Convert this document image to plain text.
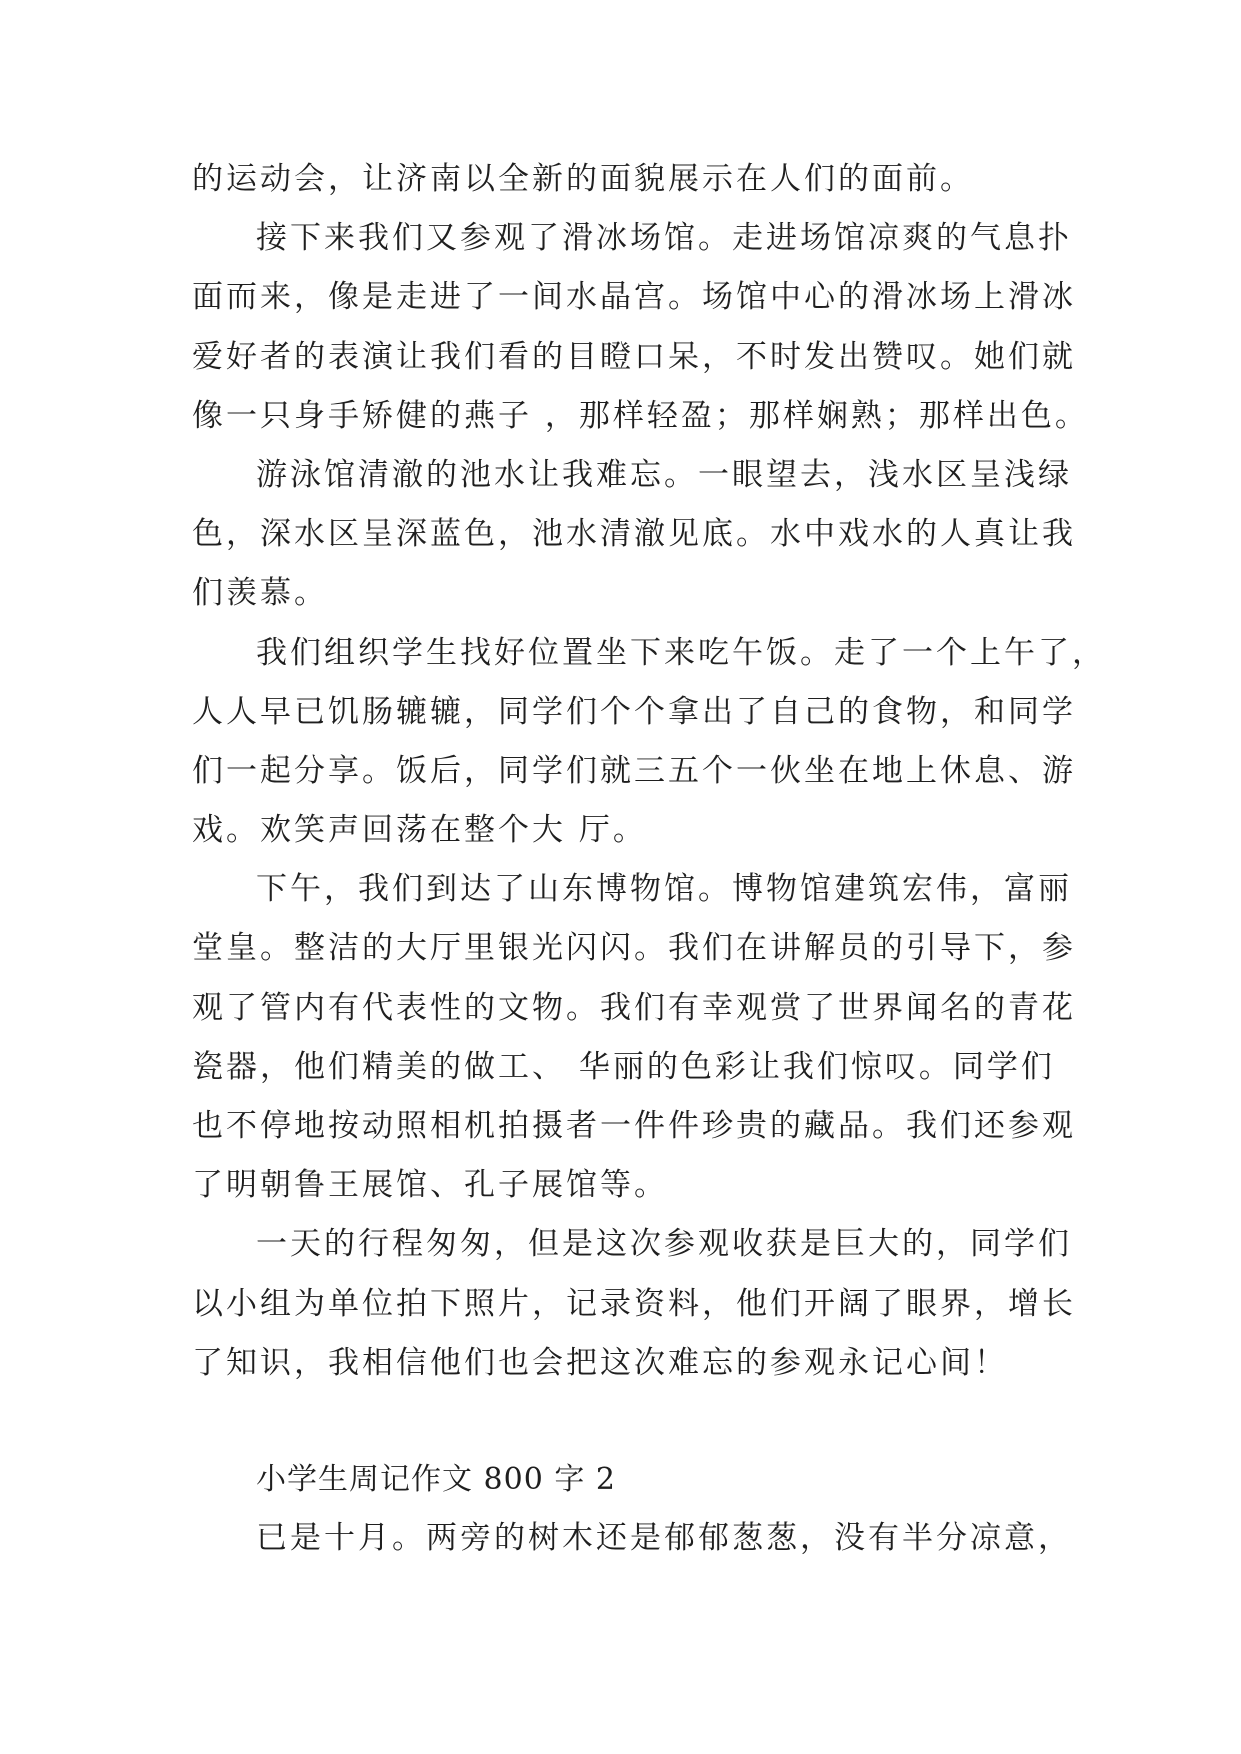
的运动会，让济南以全新的面貌展示在人们的面前。
接下来我们又参观了滑冰场馆。走进场馆凉爽的气息扑
面而来，像是走进了一间水晶宫。场馆中心的滑冰场上滑冰
爱好者的表演让我们看的目瞪口呆，不时发出赞叹。她们就
像一只身手矫健的燕子 ，那样轻盈；那样娴熟；那样出色。
游泳馆清澈的池水让我难忘。一眼望去，浅水区呈浅绿
色，深水区呈深蓝色，池水清澈见底。水中戏水的人真让我
们羡慕。
我们组织学生找好位置坐下来吃午饭。走了一个上午了，
人人早已饥肠辘辘，同学们个个拿出了自己的食物，和同学
们一起分享。饭后，同学们就三五个一伙坐在地上休息、游
戏。欢笑声回荡在整个大 厅。
下午，我们到达了山东博物馆。博物馆建筑宏伟，富丽
堂皇。整洁的大厅里银光闪闪。我们在讲解员的引导下，参
观了管内有代表性的文物。我们有幸观赏了世界闻名的青花
瓷器，他们精美的做工、 华丽的色彩让我们惊叹。同学们
也不停地按动照相机拍摄者一件件珍贵的藏品。我们还参观
了明朝鲁王展馆、孔子展馆等。
一天的行程匆匆，但是这次参观收获是巨大的，同学们
以小组为单位拍下照片，记录资料，他们开阔了眼界，增长
了知识，我相信他们也会把这次难忘的参观永记心间！
小学生周记作文 800 字 2
已是十月。两旁的树木还是郁郁葱葱，没有半分凉意，
